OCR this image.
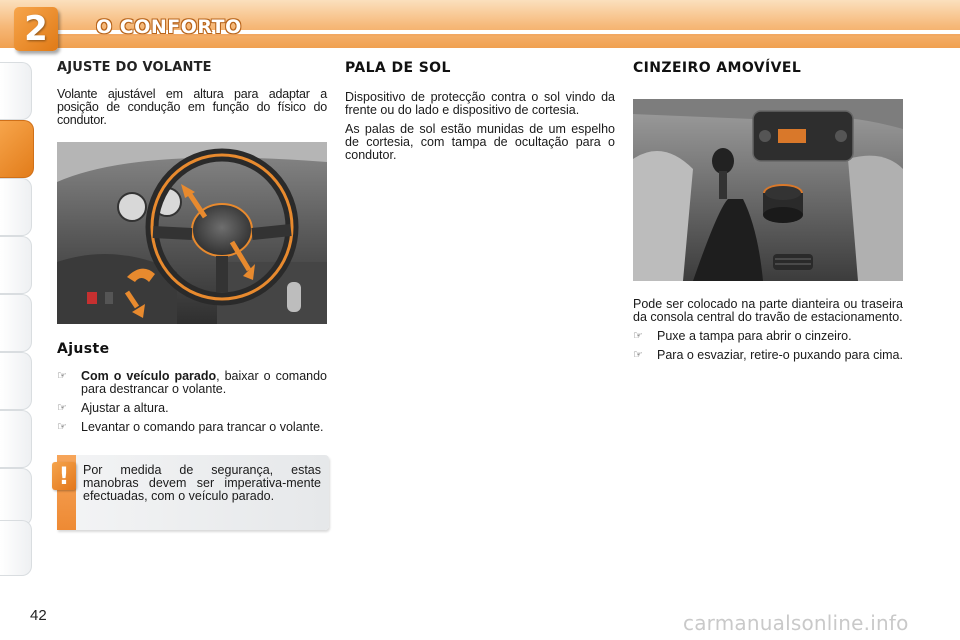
2	O CONFORTO
AJUSTE DO VOLANTE

Volante ajustável em altura para adaptar a posição de condução em função do físico do condutor.

Ajuste
☞	Com o veículo parado, baixar o comando para destrancar o volante.
☞	Ajustar a altura.
☞	Levantar o comando para trancar o volante.
!	Por medida de segurança, estas manobras devem ser imperativa-mente efectuadas, com o veículo parado.
PALA DE SOL

Dispositivo de protecção contra o sol vindo da frente ou do lado e dispositivo de cortesia.

As palas de sol estão munidas de um espelho de cortesia, com tampa de ocultação para o condutor.

CINZEIRO AMOVÍVEL

Pode ser colocado na parte dianteira ou traseira da consola central do travão de estacionamento.

☞	Puxe a tampa para abrir o cinzeiro.
☞	Para o esvaziar, retire-o puxando para cima.
42	carmanualsonline.info
